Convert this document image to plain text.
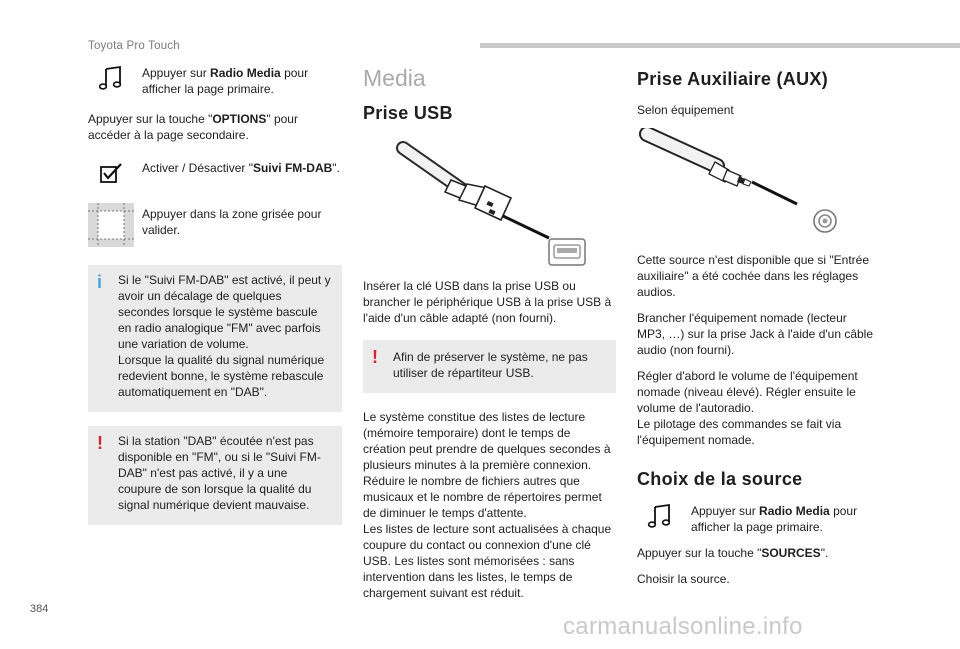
Toyota Pro Touch
Appuyer sur Radio Media pour afficher la page primaire.

Appuyer sur la touche "OPTIONS" pour accéder à la page secondaire.

Activer / Désactiver "Suivi FM-DAB".
Appuyer dans la zone grisée pour valider.
i Si le "Suivi FM-DAB" est activé, il peut y avoir un décalage de quelques secondes lorsque le système bascule en radio analogique "FM" avec parfois une variation de volume.
Lorsque la qualité du signal numérique redevient bonne, le système rebascule automatiquement en "DAB".
! Si la station "DAB" écoutée n'est pas disponible en "FM", ou si le "Suivi FM-DAB" n'est pas activé, il y a une coupure de son lorsque la qualité du signal numérique devient mauvaise.
Media
Prise USB

Insérer la clé USB dans la prise USB ou brancher le périphérique USB à la prise USB à l'aide d'un câble adapté (non fourni).

! Afin de préserver le système, ne pas utiliser de répartiteur USB.
Le système constitue des listes de lecture (mémoire temporaire) dont le temps de création peut prendre de quelques secondes à plusieurs minutes à la première connexion.
Réduire le nombre de fichiers autres que musicaux et le nombre de répertoires permet de diminuer le temps d'attente.
Les listes de lecture sont actualisées à chaque coupure du contact ou connexion d'une clé USB. Les listes sont mémorisées : sans intervention dans les listes, le temps de chargement suivant est réduit.
Prise Auxiliaire (AUX)

Selon équipement

Cette source n'est disponible que si "Entrée auxiliaire" a été cochée dans les réglages audios.

Brancher l'équipement nomade (lecteur MP3, …) sur la prise Jack à l'aide d'un câble audio (non fourni).

Régler d'abord le volume de l'équipement nomade (niveau élevé). Régler ensuite le volume de l'autoradio.
Le pilotage des commandes se fait via l'équipement nomade.
Choix de la source
Appuyer sur Radio Media pour afficher la page primaire.

Appuyer sur la touche "SOURCES".

Choisir la source.

384
carmanualsonline.info
